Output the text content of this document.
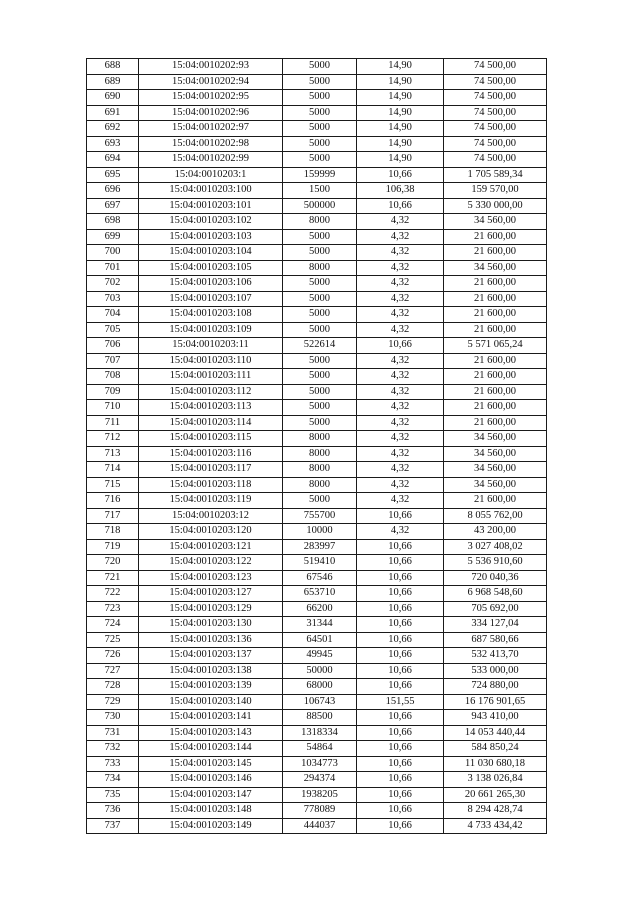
688	15:04:0010202:93	5000	14,90	74 500,00
689	15:04:0010202:94	5000	14,90	74 500,00
690	15:04:0010202:95	5000	14,90	74 500,00
691	15:04:0010202:96	5000	14,90	74 500,00
692	15:04:0010202:97	5000	14,90	74 500,00
693	15:04:0010202:98	5000	14,90	74 500,00
694	15:04:0010202:99	5000	14,90	74 500,00
695	15:04:0010203:1	159999	10,66	1 705 589,34
696	15:04:0010203:100	1500	106,38	159 570,00
697	15:04:0010203:101	500000	10,66	5 330 000,00
698	15:04:0010203:102	8000	4,32	34 560,00
699	15:04:0010203:103	5000	4,32	21 600,00
700	15:04:0010203:104	5000	4,32	21 600,00
701	15:04:0010203:105	8000	4,32	34 560,00
702	15:04:0010203:106	5000	4,32	21 600,00
703	15:04:0010203:107	5000	4,32	21 600,00
704	15:04:0010203:108	5000	4,32	21 600,00
705	15:04:0010203:109	5000	4,32	21 600,00
706	15:04:0010203:11	522614	10,66	5 571 065,24
707	15:04:0010203:110	5000	4,32	21 600,00
708	15:04:0010203:111	5000	4,32	21 600,00
709	15:04:0010203:112	5000	4,32	21 600,00
710	15:04:0010203:113	5000	4,32	21 600,00
711	15:04:0010203:114	5000	4,32	21 600,00
712	15:04:0010203:115	8000	4,32	34 560,00
713	15:04:0010203:116	8000	4,32	34 560,00
714	15:04:0010203:117	8000	4,32	34 560,00
715	15:04:0010203:118	8000	4,32	34 560,00
716	15:04:0010203:119	5000	4,32	21 600,00
717	15:04:0010203:12	755700	10,66	8 055 762,00
718	15:04:0010203:120	10000	4,32	43 200,00
719	15:04:0010203:121	283997	10,66	3 027 408,02
720	15:04:0010203:122	519410	10,66	5 536 910,60
721	15:04:0010203:123	67546	10,66	720 040,36
722	15:04:0010203:127	653710	10,66	6 968 548,60
723	15:04:0010203:129	66200	10,66	705 692,00
724	15:04:0010203:130	31344	10,66	334 127,04
725	15:04:0010203:136	64501	10,66	687 580,66
726	15:04:0010203:137	49945	10,66	532 413,70
727	15:04:0010203:138	50000	10,66	533 000,00
728	15:04:0010203:139	68000	10,66	724 880,00
729	15:04:0010203:140	106743	151,55	16 176 901,65
730	15:04:0010203:141	88500	10,66	943 410,00
731	15:04:0010203:143	1318334	10,66	14 053 440,44
732	15:04:0010203:144	54864	10,66	584 850,24
733	15:04:0010203:145	1034773	10,66	11 030 680,18
734	15:04:0010203:146	294374	10,66	3 138 026,84
735	15:04:0010203:147	1938205	10,66	20 661 265,30
736	15:04:0010203:148	778089	10,66	8 294 428,74
737	15:04:0010203:149	444037	10,66	4 733 434,42
